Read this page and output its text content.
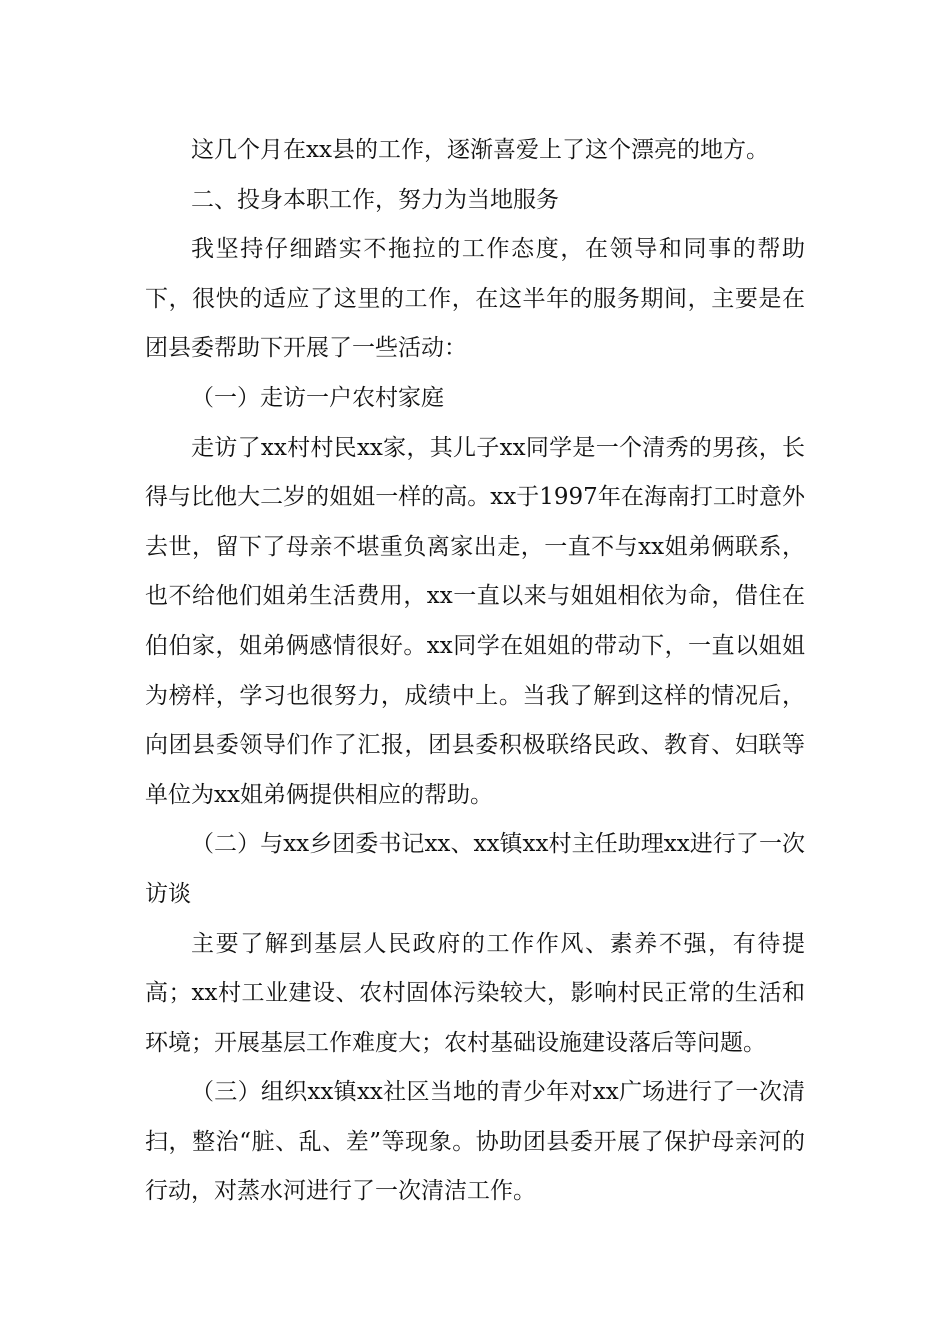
这几个月在xx县的工作，逐渐喜爱上了这个漂亮的地方。

二、投身本职工作，努力为当地服务

我坚持仔细踏实不拖拉的工作态度，在领导和同事的帮助下，很快的适应了这里的工作，在这半年的服务期间，主要是在团县委帮助下开展了一些活动：

（一）走访一户农村家庭

走访了xx村村民xx家，其儿子xx同学是一个清秀的男孩，长得与比他大二岁的姐姐一样的高。xx于1997年在海南打工时意外去世，留下了母亲不堪重负离家出走，一直不与xx姐弟俩联系，也不给他们姐弟生活费用，xx一直以来与姐姐相依为命，借住在伯伯家，姐弟俩感情很好。xx同学在姐姐的带动下，一直以姐姐为榜样，学习也很努力，成绩中上。当我了解到这样的情况后，向团县委领导们作了汇报，团县委积极联络民政、教育、妇联等单位为xx姐弟俩提供相应的帮助。

（二）与xx乡团委书记xx、xx镇xx村主任助理xx进行了一次访谈

主要了解到基层人民政府的工作作风、素养不强，有待提高；xx村工业建设、农村固体污染较大，影响村民正常的生活和环境；开展基层工作难度大；农村基础设施建设落后等问题。

（三）组织xx镇xx社区当地的青少年对xx广场进行了一次清扫，整治“脏、乱、差”等现象。协助团县委开展了保护母亲河的行动，对蒸水河进行了一次清洁工作。
